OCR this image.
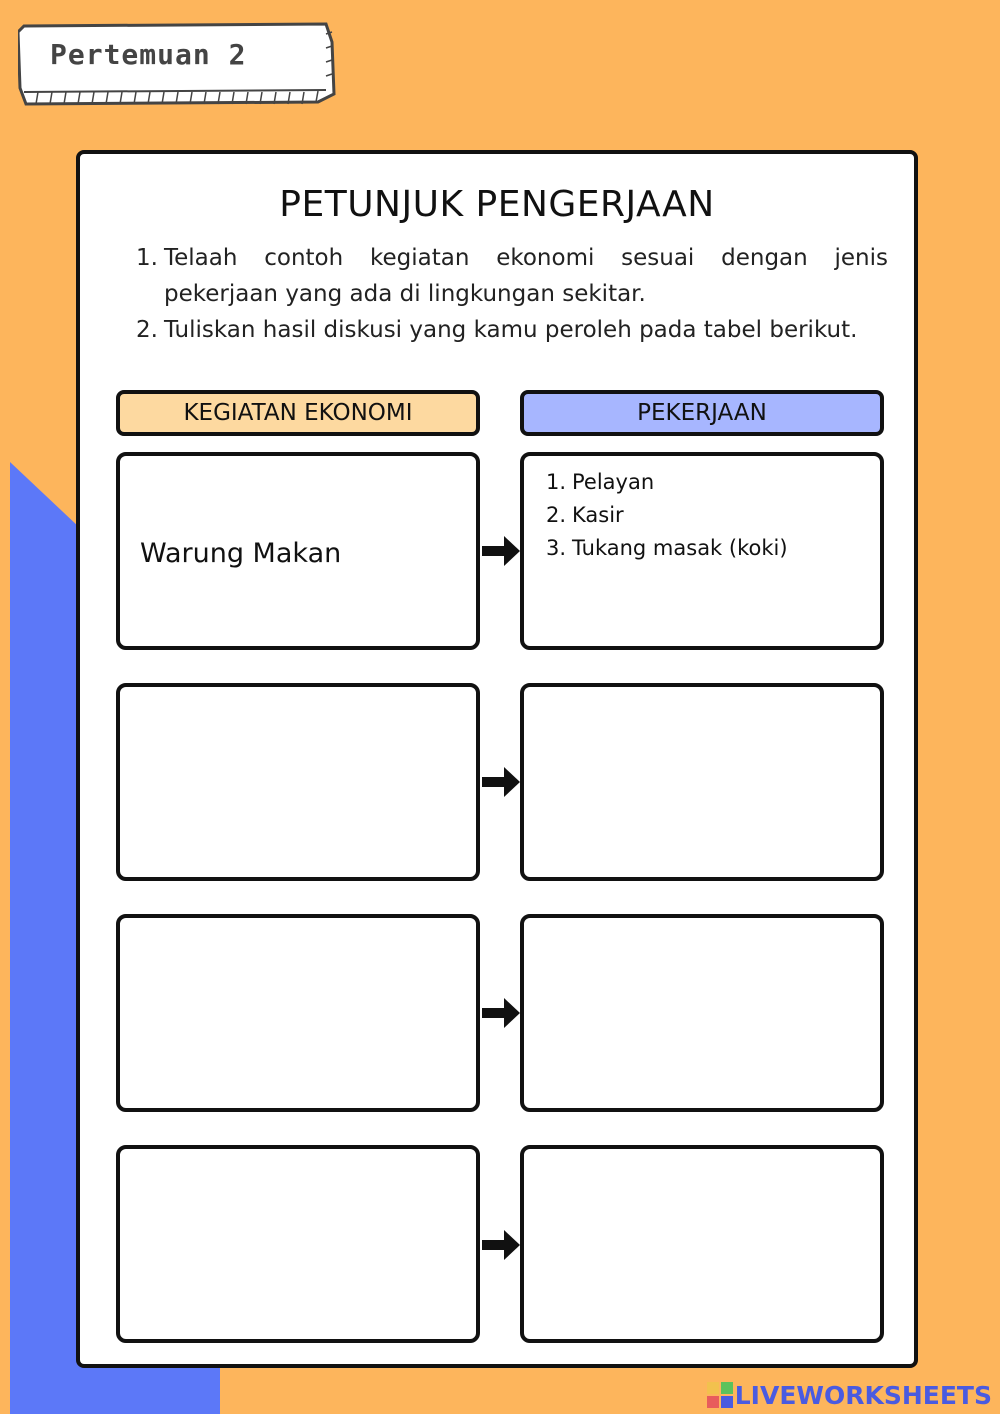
Pertemuan 2
PETUNJUK PENGERJAAN
1. Telaah contoh kegiatan ekonomi sesuai dengan jenis pekerjaan yang ada di lingkungan sekitar.
2. Tuliskan hasil diskusi yang kamu peroleh pada tabel berikut.
KEGIATAN EKONOMI	PEKERJAAN
Warung Makan
1. Pelayan
2. Kasir
3. Tukang masak (koki)
LIVEWORKSHEETS
